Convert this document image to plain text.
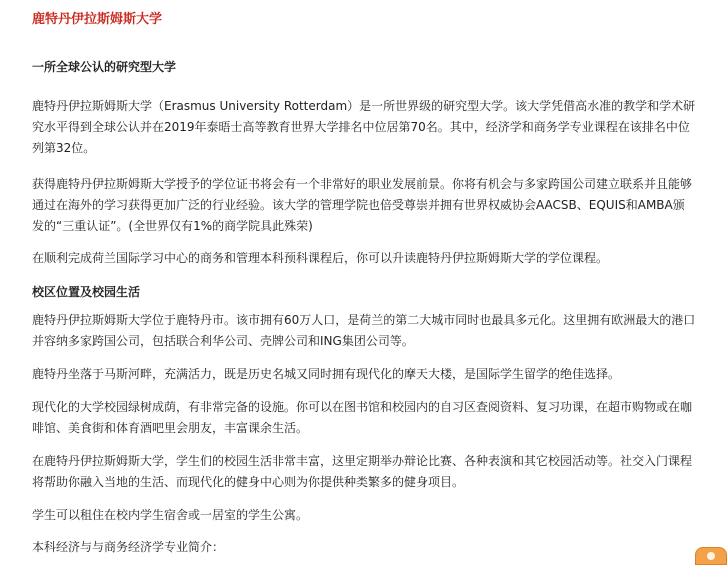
鹿特丹伊拉斯姆斯大学
一所全球公认的研究型大学

鹿特丹伊拉斯姆斯大学（Erasmus University Rotterdam）是一所世界级的研究型大学。该大学凭借高水准的教学和学术研究水平得到全球公认并在2019年泰晤士高等教育世界大学排名中位居第70名。其中，经济学和商务学专业课程在该排名中位列第32位。

获得鹿特丹伊拉斯姆斯大学授予的学位证书将会有一个非常好的职业发展前景。你将有机会与多家跨国公司建立联系并且能够通过在海外的学习获得更加广泛的行业经验。该大学的管理学院也倍受尊崇并拥有世界权威协会AACSB、EQUIS和AMBA颁发的“三重认证”。(全世界仅有1%的商学院具此殊荣)

在顺利完成荷兰国际学习中心的商务和管理本科预科课程后，你可以升读鹿特丹伊拉斯姆斯大学的学位课程。

校区位置及校园生活

鹿特丹伊拉斯姆斯大学位于鹿特丹市。该市拥有60万人口，是荷兰的第二大城市同时也最具多元化。这里拥有欧洲最大的港口并容纳多家跨国公司，包括联合利华公司、壳牌公司和ING集团公司等。

鹿特丹坐落于马斯河畔，充满活力，既是历史名城又同时拥有现代化的摩天大楼，是国际学生留学的绝佳选择。

现代化的大学校园绿树成荫，有非常完备的设施。你可以在图书馆和校园内的自习区查阅资料、复习功课，在超市购物或在咖啡馆、美食街和体育酒吧里会朋友，丰富课余生活。

在鹿特丹伊拉斯姆斯大学，学生们的校园生活非常丰富，这里定期举办辩论比赛、各种表演和其它校园活动等。社交入门课程将帮助你融入当地的生活、而现代化的健身中心则为你提供种类繁多的健身项目。

学生可以租住在校内学生宿舍或一居室的学生公寓。

本科经济与与商务经济学专业简介：
